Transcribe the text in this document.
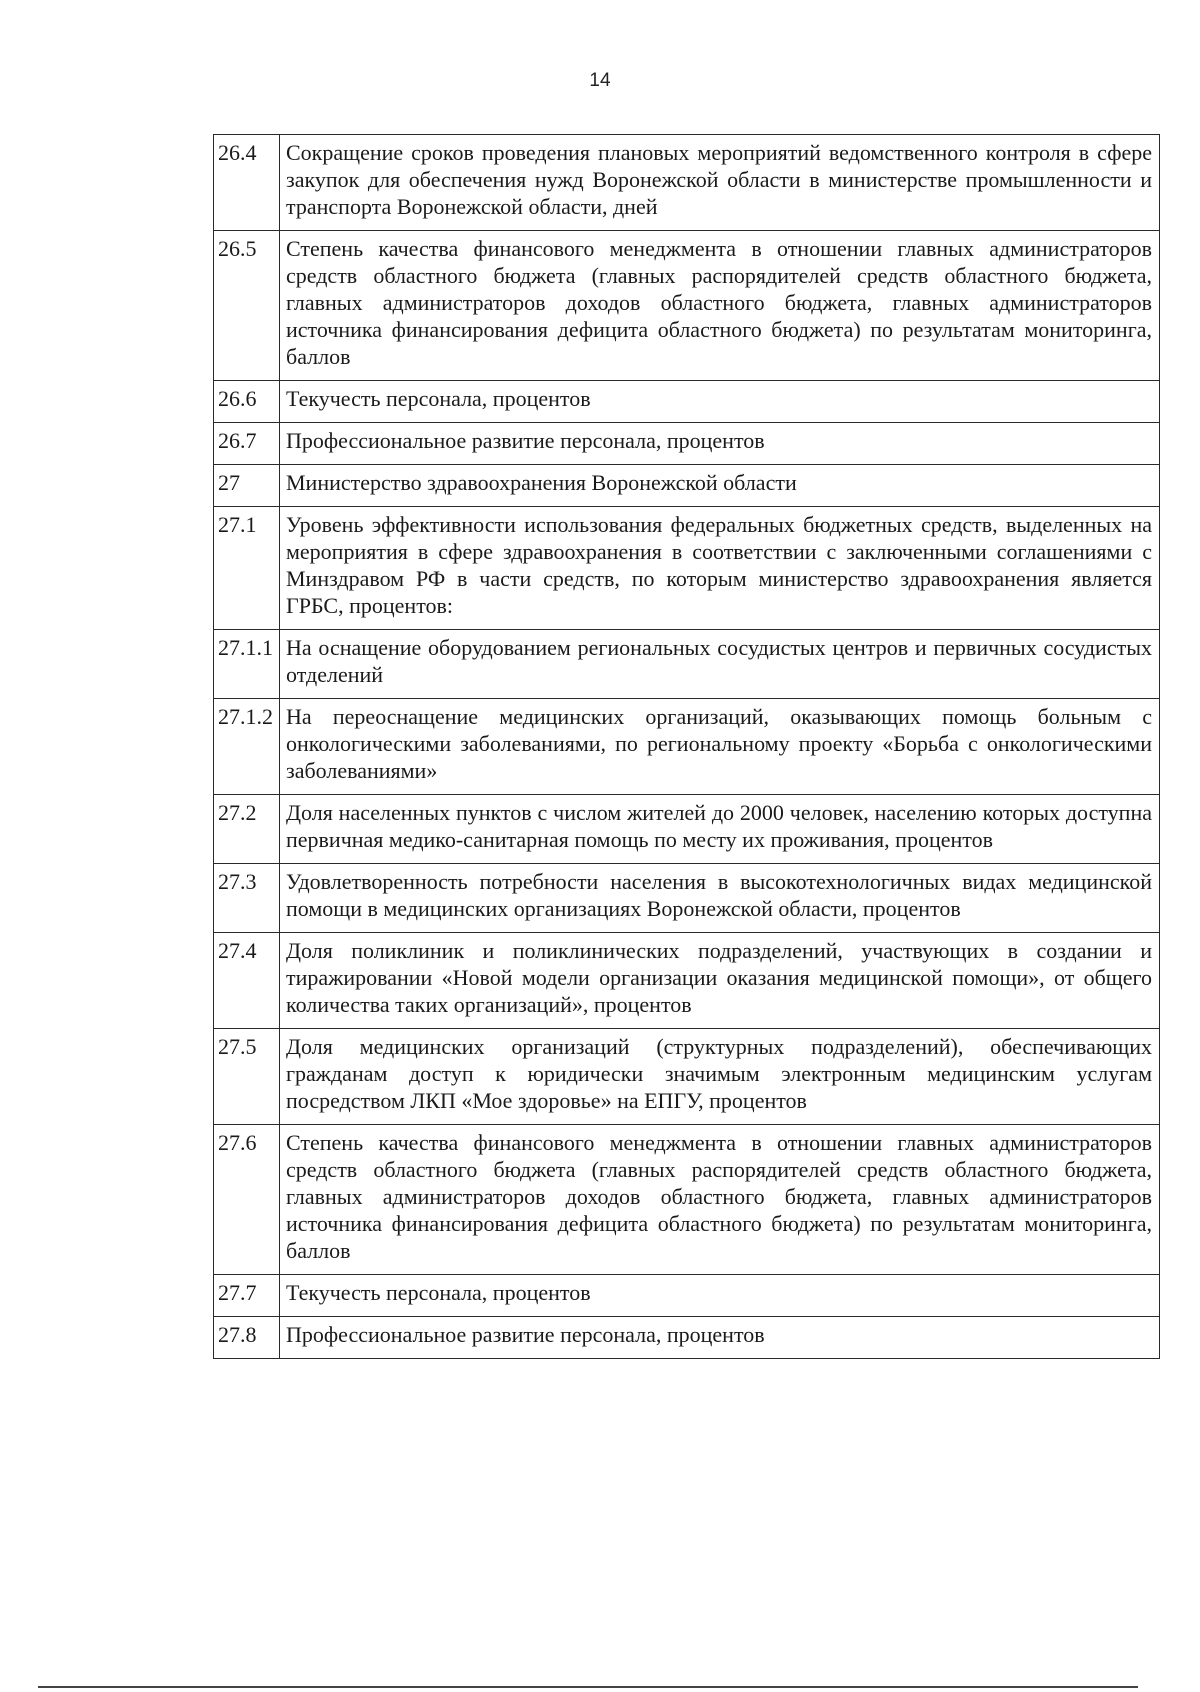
14
26.4	Сокращение сроков проведения плановых мероприятий ведомственного контроля в сфере закупок для обеспечения нужд Воронежской области в министерстве промышленности и транспорта Воронежской области, дней
26.5	Степень качества финансового менеджмента в отношении главных администраторов средств областного бюджета (главных распорядителей средств областного бюджета, главных администраторов доходов областного бюджета, главных администраторов источника финансирования дефицита областного бюджета) по результатам мониторинга, баллов
26.6	Текучесть персонала, процентов
26.7	Профессиональное развитие персонала, процентов
27	Министерство здравоохранения Воронежской области
27.1	Уровень эффективности использования федеральных бюджетных средств, выделенных на мероприятия в сфере здравоохранения в соответствии с заключенными соглашениями с Минздравом РФ в части средств, по которым министерство здравоохранения является ГРБС, процентов:
27.1.1	На оснащение оборудованием региональных сосудистых центров и первичных сосудистых отделений
27.1.2	На переоснащение медицинских организаций, оказывающих помощь больным с онкологическими заболеваниями, по региональному проекту «Борьба с онкологическими заболеваниями»
27.2	Доля населенных пунктов с числом жителей до 2000 человек, населению которых доступна первичная медико-санитарная помощь по месту их проживания, процентов
27.3	Удовлетворенность потребности населения в высокотехнологичных видах медицинской помощи в медицинских организациях Воронежской области, процентов
27.4	Доля поликлиник и поликлинических подразделений, участвующих в создании и тиражировании «Новой модели организации оказания медицинской помощи», от общего количества таких организаций», процентов
27.5	Доля медицинских организаций (структурных подразделений), обеспечивающих гражданам доступ к юридически значимым электронным медицинским услугам посредством ЛКП «Мое здоровье» на ЕПГУ, процентов
27.6	Степень качества финансового менеджмента в отношении главных администраторов средств областного бюджета (главных распорядителей средств областного бюджета, главных администраторов доходов областного бюджета, главных администраторов источника финансирования дефицита областного бюджета) по результатам мониторинга, баллов
27.7	Текучесть персонала, процентов
27.8	Профессиональное развитие персонала, процентов
